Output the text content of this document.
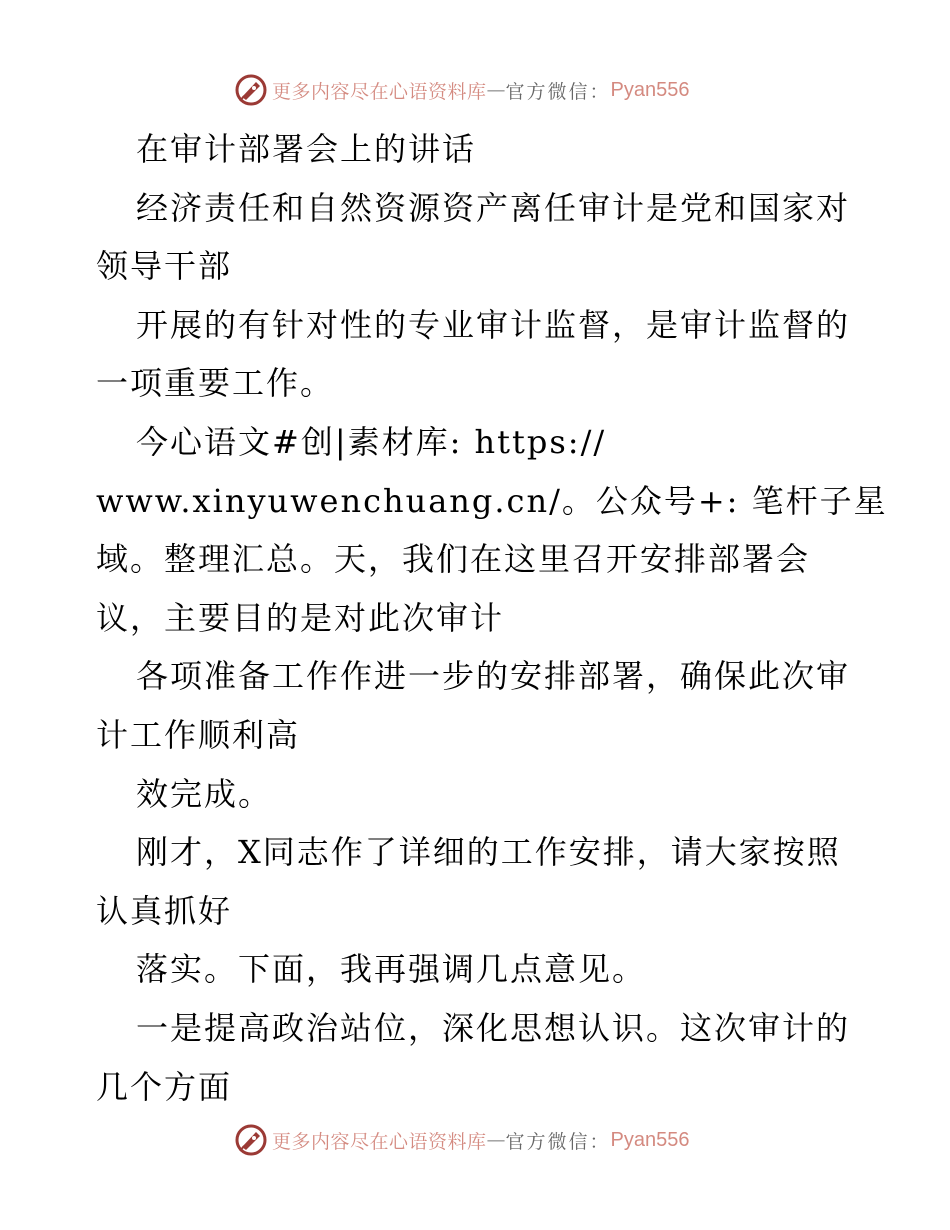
更多内容尽在心语资料库 — 官方微信： Pyan556
在审计部署会上的讲话
经济责任和自然资源资产离任审计是党和国家对
领导干部
开展的有针对性的专业审计监督，是审计监督的
一项重要工作。
今心语文#创|素材库: https://
www.xinyuwenchuang.cn/。公众号+: 笔杆子星
域。整理汇总。天，我们在这里召开安排部署会
议，主要目的是对此次审计
各项准备工作作进一步的安排部署，确保此次审
计工作顺利高
效完成。
刚才，X同志作了详细的工作安排，请大家按照
认真抓好
落实。下面，我再强调几点意见。
一是提高政治站位，深化思想认识。这次审计的
几个方面
更多内容尽在心语资料库 — 官方微信： Pyan556
